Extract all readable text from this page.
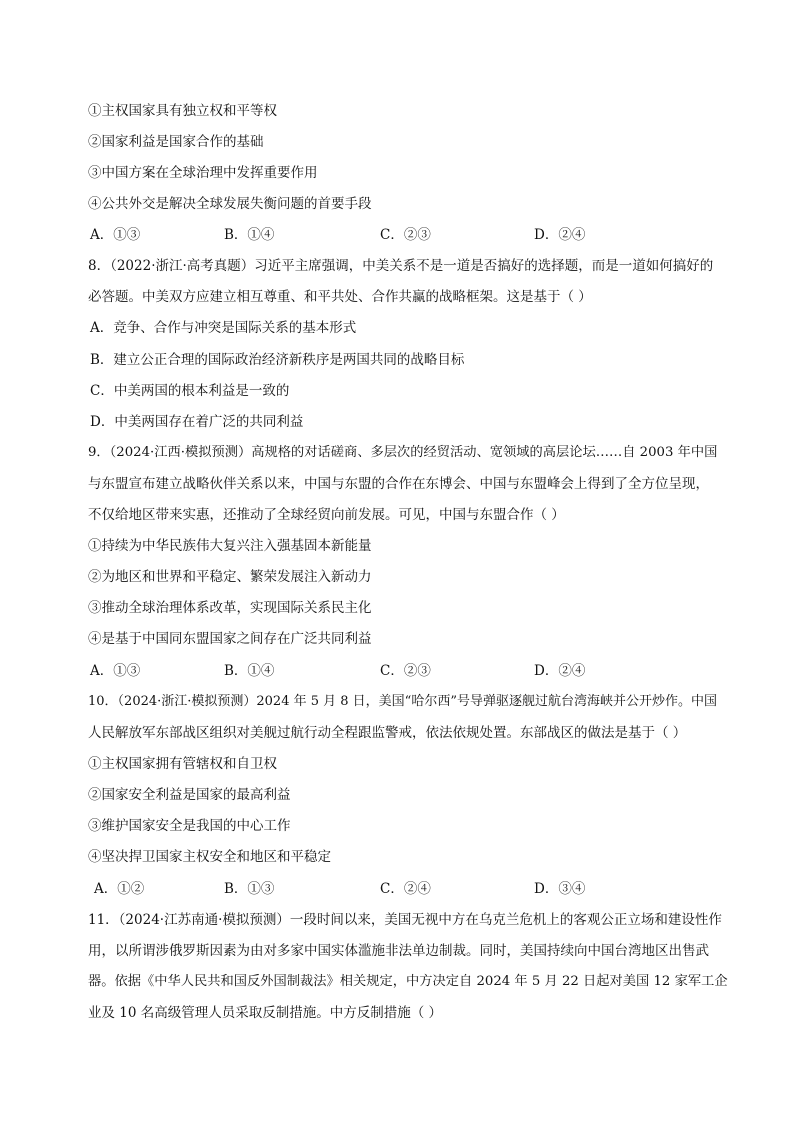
①主权国家具有独立权和平等权
②国家利益是国家合作的基础
③中国方案在全球治理中发挥重要作用
④公共外交是解决全球发展失衡问题的首要手段
A．①③	B．①④	C．②③	D．②④
8．（2022·浙江·高考真题）习近平主席强调，中美关系不是一道是否搞好的选择题，而是一道如何搞好的
必答题。中美双方应建立相互尊重、和平共处、合作共赢的战略框架。这是基于（ ）
A．竞争、合作与冲突是国际关系的基本形式
B．建立公正合理的国际政治经济新秩序是两国共同的战略目标
C．中美两国的根本利益是一致的
D．中美两国存在着广泛的共同利益
9．（2024·江西·模拟预测）高规格的对话磋商、多层次的经贸活动、宽领域的高层论坛……自 2003 年中国
与东盟宣布建立战略伙伴关系以来，中国与东盟的合作在东博会、中国与东盟峰会上得到了全方位呈现，
不仅给地区带来实惠，还推动了全球经贸向前发展。可见，中国与东盟合作（ ）
①持续为中华民族伟大复兴注入强基固本新能量
②为地区和世界和平稳定、繁荣发展注入新动力
③推动全球治理体系改革，实现国际关系民主化
④是基于中国同东盟国家之间存在广泛共同利益
A．①③	B．①④	C．②③	D．②④
10．（2024·浙江·模拟预测）2024 年 5 月 8 日，美国“哈尔西”号导弹驱逐舰过航台湾海峡并公开炒作。中国
人民解放军东部战区组织对美舰过航行动全程跟监警戒，依法依规处置。东部战区的做法是基于（ ）
①主权国家拥有管辖权和自卫权
②国家安全利益是国家的最高利益
③维护国家安全是我国的中心工作
④坚决捍卫国家主权安全和地区和平稳定
A．①②	B．①③	C．②④	D．③④
11．（2024·江苏南通·模拟预测）一段时间以来，美国无视中方在乌克兰危机上的客观公正立场和建设性作
用，以所谓涉俄罗斯因素为由对多家中国实体滥施非法单边制裁。同时，美国持续向中国台湾地区出售武
器。依据《中华人民共和国反外国制裁法》相关规定，中方决定自 2024 年 5 月 22 日起对美国 12 家军工企
业及 10 名高级管理人员采取反制措施。中方反制措施（ ）
